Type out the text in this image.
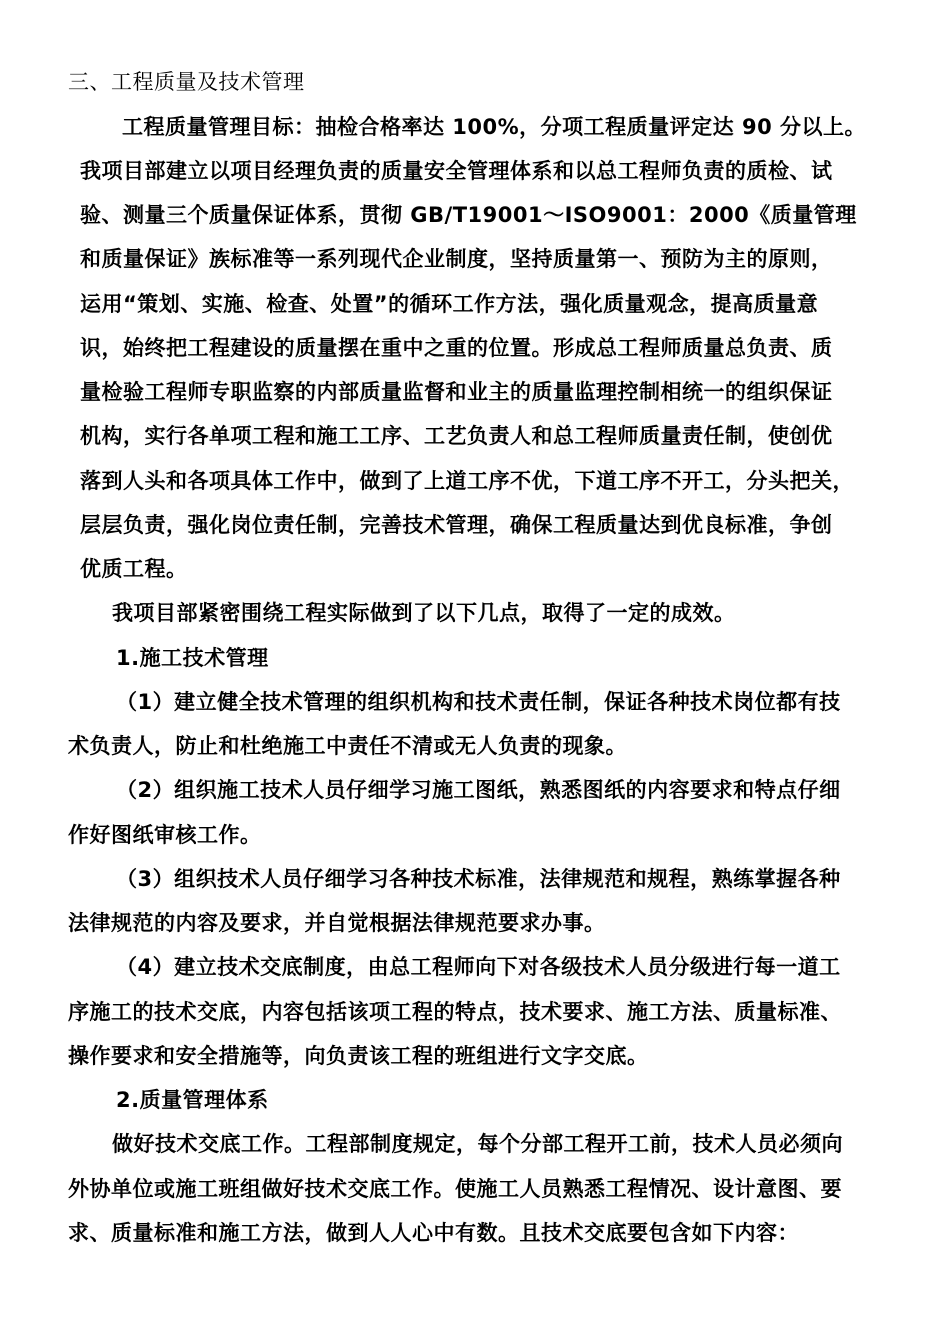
三、工程质量及技术管理
工程质量管理目标：抽检合格率达 100%，分项工程质量评定达 90 分以上。
我项目部建立以项目经理负责的质量安全管理体系和以总工程师负责的质检、试
验、测量三个质量保证体系，贯彻 GB/T19001～ISO9001：2000《质量管理
和质量保证》族标准等一系列现代企业制度，坚持质量第一、预防为主的原则，
运用“策划、实施、检查、处置”的循环工作方法，强化质量观念，提高质量意
识，始终把工程建设的质量摆在重中之重的位置。形成总工程师质量总负责、质
量检验工程师专职监察的内部质量监督和业主的质量监理控制相统一的组织保证
机构，实行各单项工程和施工工序、工艺负责人和总工程师质量责任制，使创优
落到人头和各项具体工作中，做到了上道工序不优，下道工序不开工，分头把关，
层层负责，强化岗位责任制，完善技术管理，确保工程质量达到优良标准，争创
优质工程。
我项目部紧密围绕工程实际做到了以下几点，取得了一定的成效。
1.施工技术管理
（1）建立健全技术管理的组织机构和技术责任制，保证各种技术岗位都有技
术负责人，防止和杜绝施工中责任不清或无人负责的现象。
（2）组织施工技术人员仔细学习施工图纸，熟悉图纸的内容要求和特点仔细
作好图纸审核工作。
（3）组织技术人员仔细学习各种技术标准，法律规范和规程，熟练掌握各种
法律规范的内容及要求，并自觉根据法律规范要求办事。
（4）建立技术交底制度，由总工程师向下对各级技术人员分级进行每一道工
序施工的技术交底，内容包括该项工程的特点，技术要求、施工方法、质量标准、
操作要求和安全措施等，向负责该工程的班组进行文字交底。
2.质量管理体系
做好技术交底工作。工程部制度规定，每个分部工程开工前，技术人员必须向
外协单位或施工班组做好技术交底工作。使施工人员熟悉工程情况、设计意图、要
求、质量标准和施工方法，做到人人心中有数。且技术交底要包含如下内容：
